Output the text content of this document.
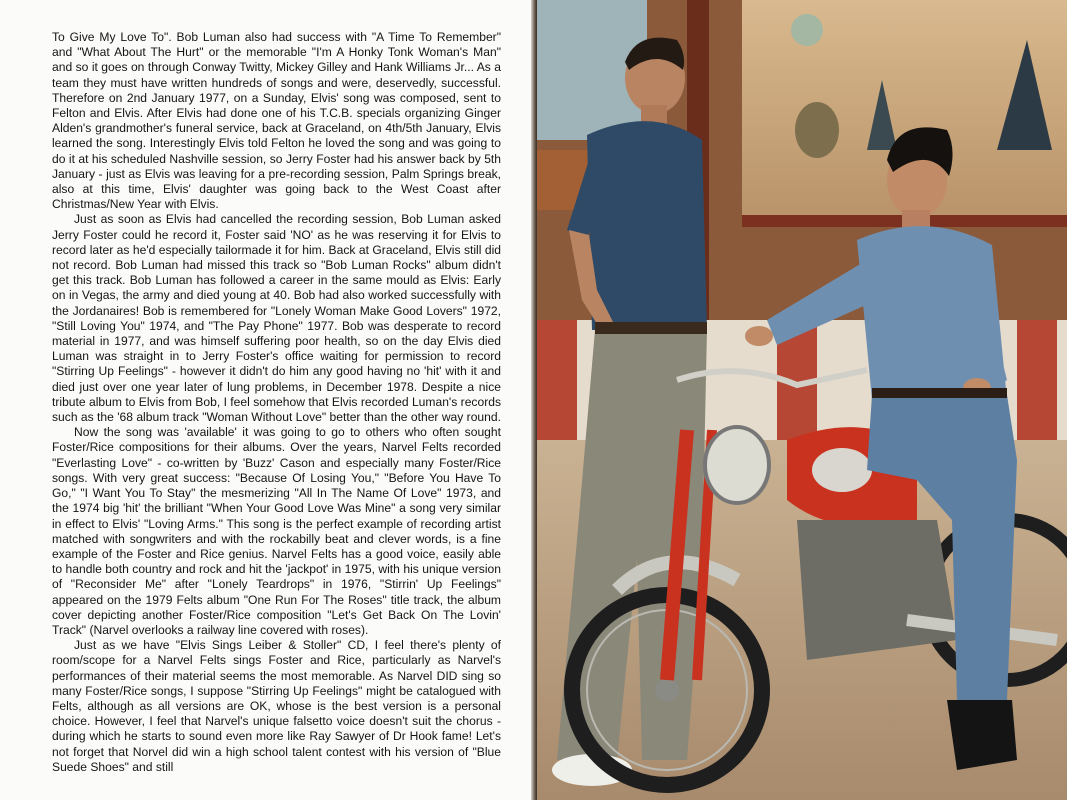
To Give My Love To". Bob Luman also had success with "A Time To Remember" and "What About The Hurt" or the memorable "I'm A Honky Tonk Woman's Man" and so it goes on through Conway Twitty, Mickey Gilley and Hank Williams Jr... As a team they must have written hundreds of songs and were, deservedly, successful. Therefore on 2nd January 1977, on a Sunday, Elvis' song was composed, sent to Felton and Elvis. After Elvis had done one of his T.C.B. specials organizing Ginger Alden's grandmother's funeral service, back at Graceland, on 4th/5th January, Elvis learned the song. Interestingly Elvis told Felton he loved the song and was going to do it at his scheduled Nashville session, so Jerry Foster had his answer back by 5th January - just as Elvis was leaving for a pre-recording session, Palm Springs break, also at this time, Elvis' daughter was going back to the West Coast after Christmas/New Year with Elvis.

Just as soon as Elvis had cancelled the recording session, Bob Luman asked Jerry Foster could he record it, Foster said 'NO' as he was reserving it for Elvis to record later as he'd especially tailormade it for him. Back at Graceland, Elvis still did not record. Bob Luman had missed this track so "Bob Luman Rocks" album didn't get this track. Bob Luman has followed a career in the same mould as Elvis: Early on in Vegas, the army and died young at 40. Bob had also worked successfully with the Jordanaires! Bob is remembered for "Lonely Woman Make Good Lovers" 1972, "Still Loving You" 1974, and "The Pay Phone" 1977. Bob was desperate to record material in 1977, and was himself suffering poor health, so on the day Elvis died Luman was straight in to Jerry Foster's office waiting for permission to record "Stirring Up Feelings" - however it didn't do him any good having no 'hit' with it and died just over one year later of lung problems, in December 1978. Despite a nice tribute album to Elvis from Bob, I feel somehow that Elvis recorded Luman's records such as the '68 album track "Woman Without Love" better than the other way round.

Now the song was 'available' it was going to go to others who often sought Foster/Rice compositions for their albums. Over the years, Narvel Felts recorded "Everlasting Love" - co-written by 'Buzz' Cason and especially many Foster/Rice songs. With very great success: "Because Of Losing You," "Before You Have To Go," "I Want You To Stay" the mesmerizing "All In The Name Of Love" 1973, and the 1974 big 'hit' the brilliant "When Your Good Love Was Mine" a song very similar in effect to Elvis' "Loving Arms." This song is the perfect example of recording artist matched with songwriters and with the rockabilly beat and clever words, is a fine example of the Foster and Rice genius. Narvel Felts has a good voice, easily able to handle both country and rock and hit the 'jackpot' in 1975, with his unique version of "Reconsider Me" after "Lonely Teardrops" in 1976, "Stirrin' Up Feelings" appeared on the 1979 Felts album "One Run For The Roses" title track, the album cover depicting another Foster/Rice composition "Let's Get Back On The Lovin' Track" (Narvel overlooks a railway line covered with roses).

Just as we have "Elvis Sings Leiber & Stoller" CD, I feel there's plenty of room/scope for a Narvel Felts sings Foster and Rice, particularly as Narvel's performances of their material seems the most memorable. As Narvel DID sing so many Foster/Rice songs, I suppose "Stirring Up Feelings" might be catalogued with Felts, although as all versions are OK, whose is the best version is a personal choice. However, I feel that Narvel's unique falsetto voice doesn't suit the chorus - during which he starts to sound even more like Ray Sawyer of Dr Hook fame! Let's not forget that Norvel did win a high school talent contest with his version of "Blue Suede Shoes" and still
